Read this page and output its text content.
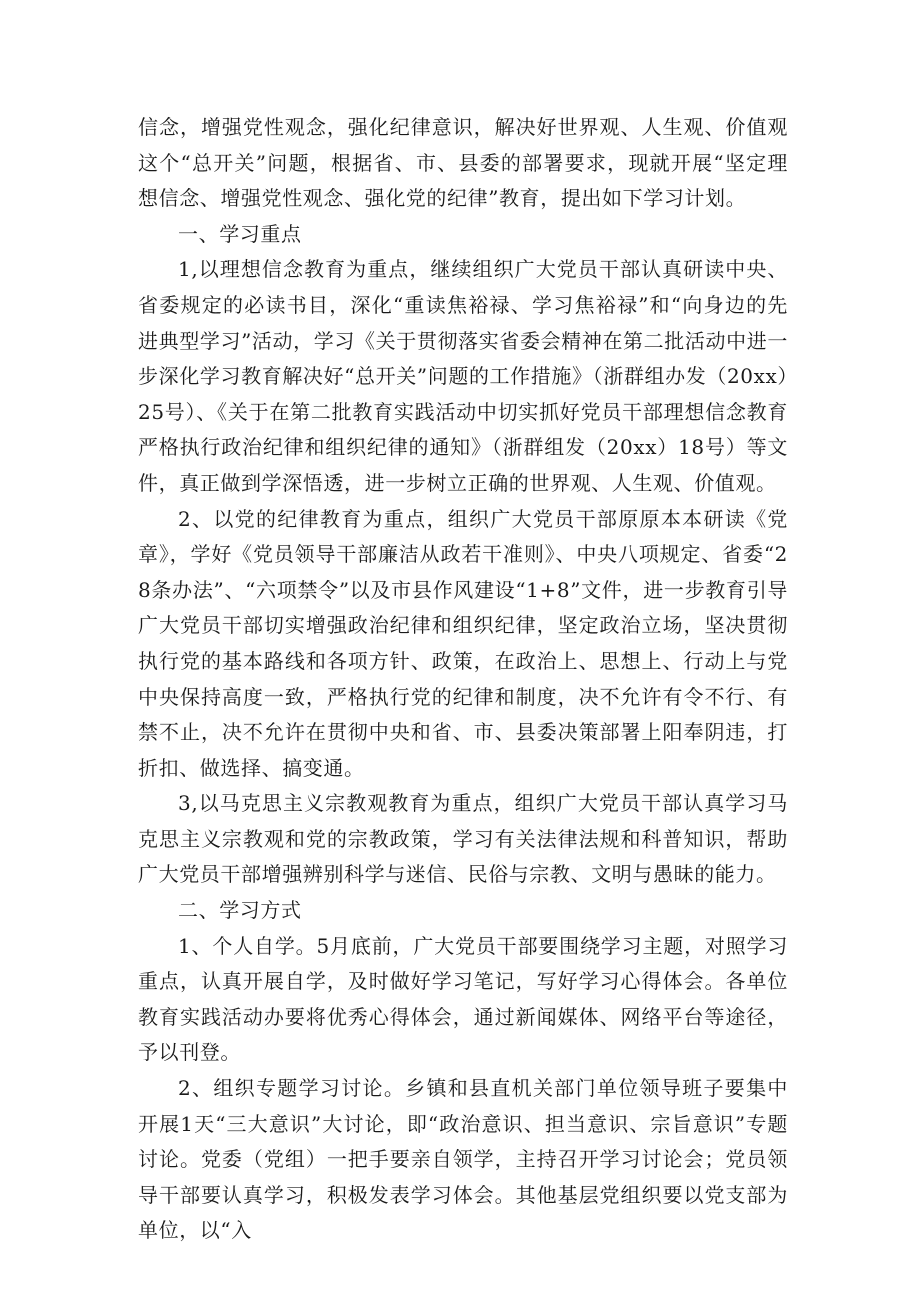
信念，增强党性观念，强化纪律意识，解决好世界观、人生观、价值观这个“总开关”问题，根据省、市、县委的部署要求，现就开展“坚定理想信念、增强党性观念、强化党的纪律”教育，提出如下学习计划。

一、学习重点

1,以理想信念教育为重点，继续组织广大党员干部认真研读中央、省委规定的必读书目，深化“重读焦裕禄、学习焦裕禄”和“向身边的先进典型学习”活动，学习《关于贯彻落实省委会精神在第二批活动中进一步深化学习教育解决好“总开关”问题的工作措施》（浙群组办发（20xx）25号）、《关于在第二批教育实践活动中切实抓好党员干部理想信念教育严格执行政治纪律和组织纪律的通知》（浙群组发（20xx）18号）等文件，真正做到学深悟透，进一步树立正确的世界观、人生观、价值观。

2、以党的纪律教育为重点，组织广大党员干部原原本本研读《党章》，学好《党员领导干部廉洁从政若干准则》、中央八项规定、省委“28条办法”、“六项禁令”以及市县作风建设“1+8”文件，进一步教育引导广大党员干部切实增强政治纪律和组织纪律，坚定政治立场，坚决贯彻执行党的基本路线和各项方针、政策，在政治上、思想上、行动上与党中央保持高度一致，严格执行党的纪律和制度，决不允许有令不行、有禁不止，决不允许在贯彻中央和省、市、县委决策部署上阳奉阴违，打折扣、做选择、搞变通。

3,以马克思主义宗教观教育为重点，组织广大党员干部认真学习马克思主义宗教观和党的宗教政策，学习有关法律法规和科普知识，帮助广大党员干部增强辨别科学与迷信、民俗与宗教、文明与愚昧的能力。

二、学习方式

1、个人自学。5月底前，广大党员干部要围绕学习主题，对照学习重点，认真开展自学，及时做好学习笔记，写好学习心得体会。各单位教育实践活动办要将优秀心得体会，通过新闻媒体、网络平台等途径，予以刊登。

2、组织专题学习讨论。乡镇和县直机关部门单位领导班子要集中开展1天“三大意识”大讨论，即“政治意识、担当意识、宗旨意识”专题讨论。党委（党组）一把手要亲自领学，主持召开学习讨论会；党员领导干部要认真学习，积极发表学习体会。其他基层党组织要以党支部为单位，以“入
